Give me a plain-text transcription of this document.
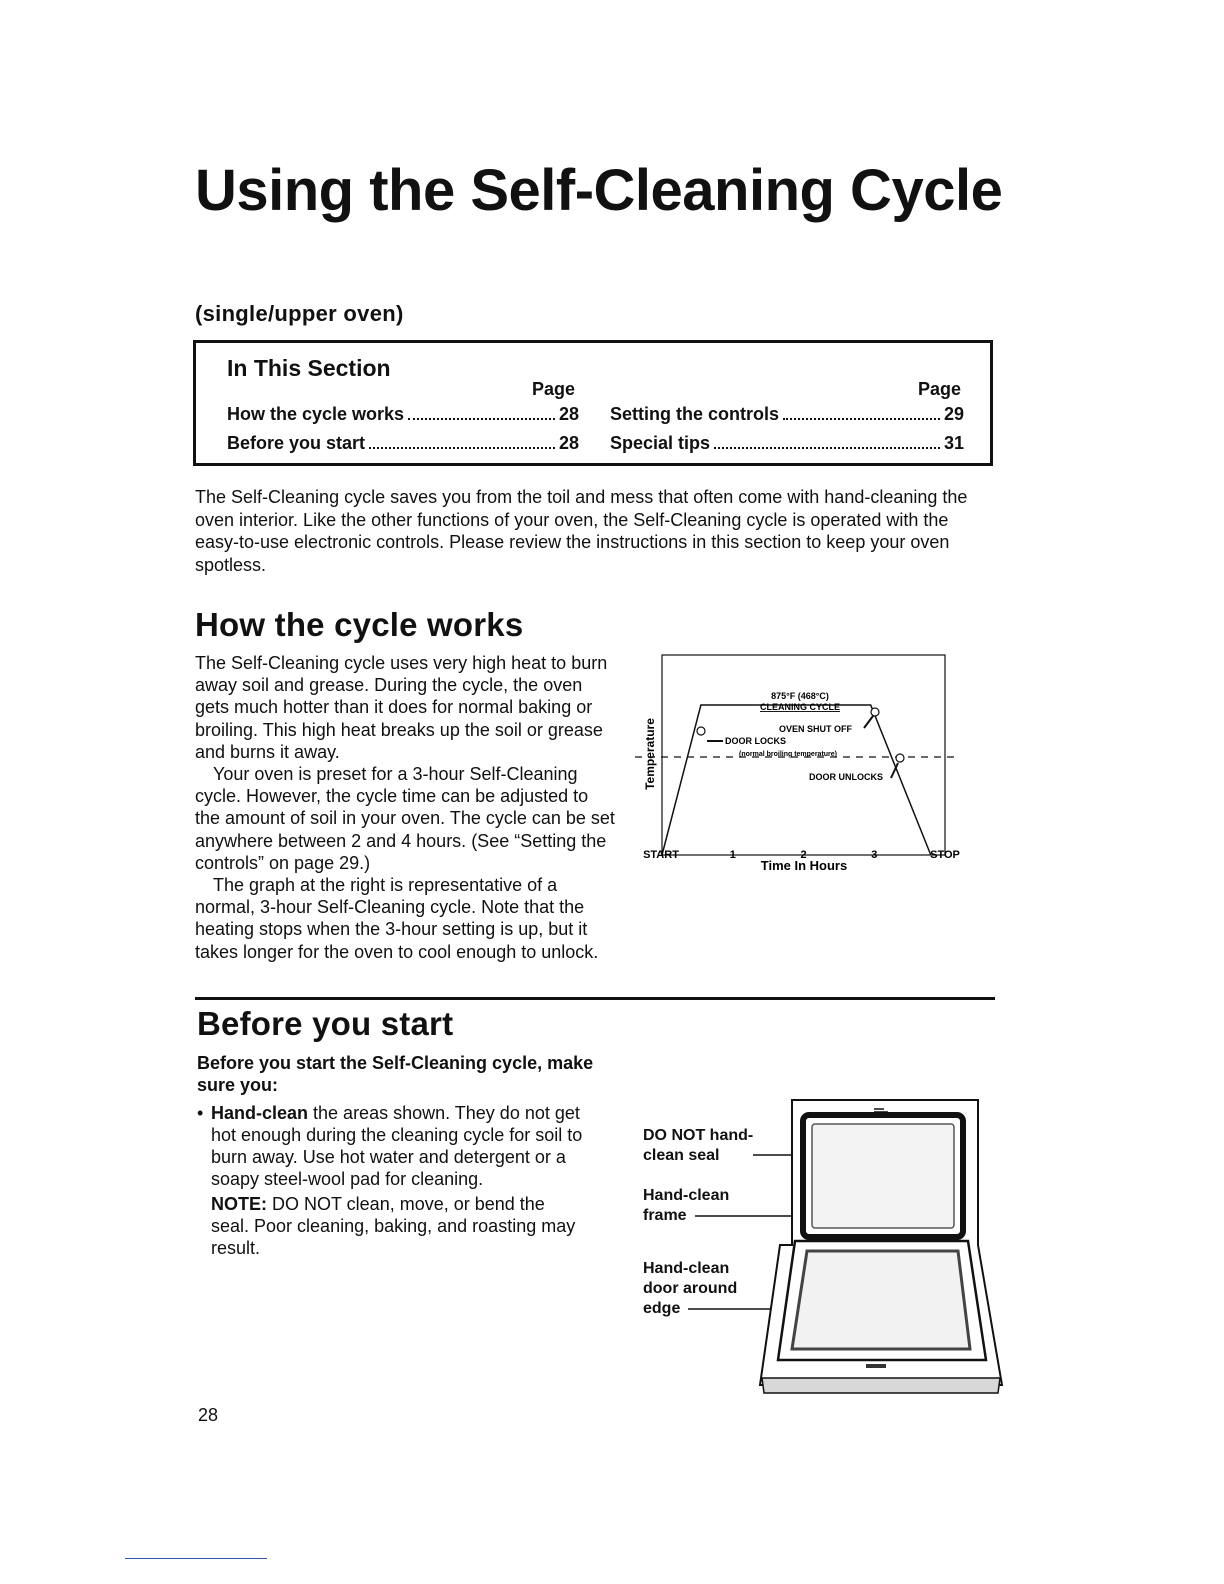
Using the Self-Cleaning Cycle
(single/upper oven)
In This Section
Page	Page
How the cycle works	28
Before you start	28
Setting the controls	29
Special tips	31
The Self-Cleaning cycle saves you from the toil and mess that often come with hand-cleaning the oven interior. Like the other functions of your oven, the Self-Cleaning cycle is operated with the easy-to-use electronic controls. Please review the instructions in this section to keep your oven spotless.
How the cycle works

The Self-Cleaning cycle uses very high heat to burn away soil and grease. During the cycle, the oven gets much hotter than it does for normal baking or broiling. This high heat breaks up the soil or grease and burns it away.

Your oven is preset for a 3-hour Self-Cleaning cycle. However, the cycle time can be adjusted to the amount of soil in your oven. The cycle can be set anywhere between 2 and 4 hours. (See “Setting the controls” on page 29.)

The graph at the right is representative of a normal, 3-hour Self-Cleaning cycle. Note that the heating stops when the 3-hour setting is up, but it takes longer for the oven to cool enough to unlock.

875°F (468°C)
CLEANING CYCLE
OVEN SHUT OFF
DOOR LOCKS
(normal broiling temperature)
DOOR UNLOCKS
Temperature
START	1	2	3	STOP
Time In Hours
Before you start
Before you start the Self-Cleaning cycle, make sure you:
• Hand-clean the areas shown. They do not get hot enough during the cleaning cycle for soil to burn away. Use hot water and detergent or a soapy steel-wool pad for cleaning.
NOTE: DO NOT clean, move, or bend the seal. Poor cleaning, baking, and roasting may result.
DO NOT hand-
clean seal
Hand-clean
frame
Hand-clean
door around
edge
28
